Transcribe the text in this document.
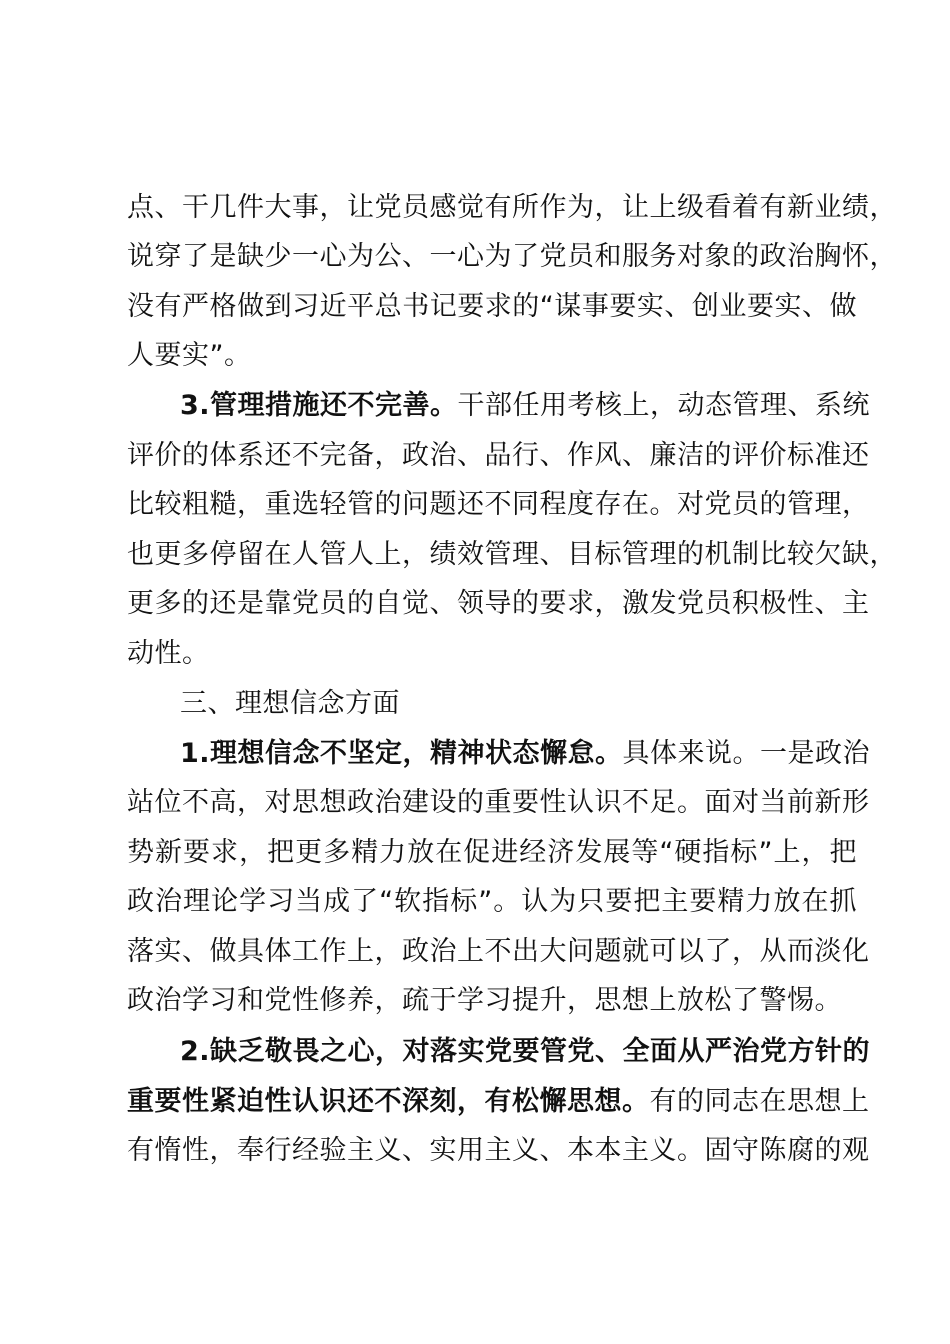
点、干几件大事，让党员感觉有所作为，让上级看着有新业绩，
说穿了是缺少一心为公、一心为了党员和服务对象的政治胸怀，
没有严格做到习近平总书记要求的“谋事要实、创业要实、做
人要实”。
3.管理措施还不完善。干部任用考核上，动态管理、系统
评价的体系还不完备，政治、品行、作风、廉洁的评价标准还
比较粗糙，重选轻管的问题还不同程度存在。对党员的管理，
也更多停留在人管人上，绩效管理、目标管理的机制比较欠缺，
更多的还是靠党员的自觉、领导的要求，激发党员积极性、主
动性。
三、理想信念方面
1.理想信念不坚定，精神状态懈怠。具体来说。一是政治
站位不高，对思想政治建设的重要性认识不足。面对当前新形
势新要求，把更多精力放在促进经济发展等“硬指标”上，把
政治理论学习当成了“软指标”。认为只要把主要精力放在抓
落实、做具体工作上，政治上不出大问题就可以了，从而淡化
政治学习和党性修养，疏于学习提升，思想上放松了警惕。
2.缺乏敬畏之心，对落实党要管党、全面从严治党方针的
重要性紧迫性认识还不深刻，有松懈思想。有的同志在思想上
有惰性，奉行经验主义、实用主义、本本主义。固守陈腐的观
